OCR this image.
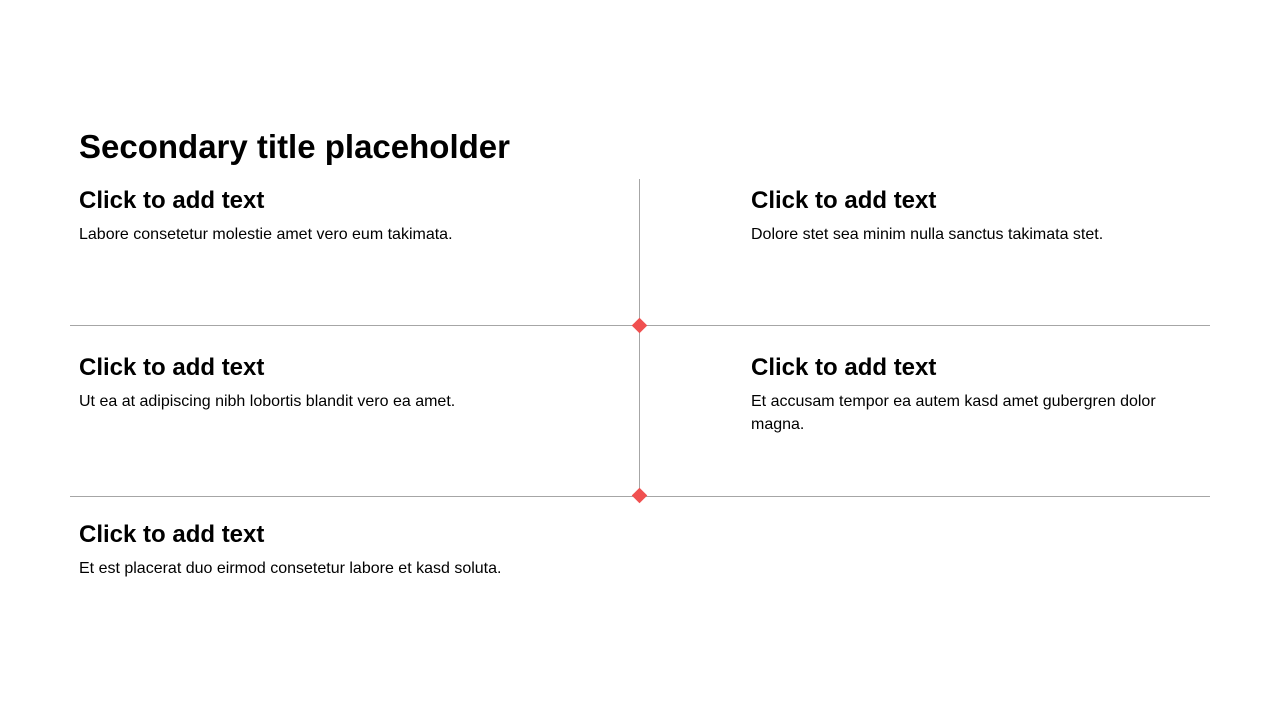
Secondary title placeholder
Click to add text

Labore consetetur molestie amet vero eum takimata.

Click to add text

Dolore stet sea minim nulla sanctus takimata stet.

Click to add text

Ut ea at adipiscing nibh lobortis blandit vero ea amet.

Click to add text

Et accusam tempor ea autem kasd amet gubergren dolor magna.

Click to add text

Et est placerat duo eirmod consetetur labore et kasd soluta.
